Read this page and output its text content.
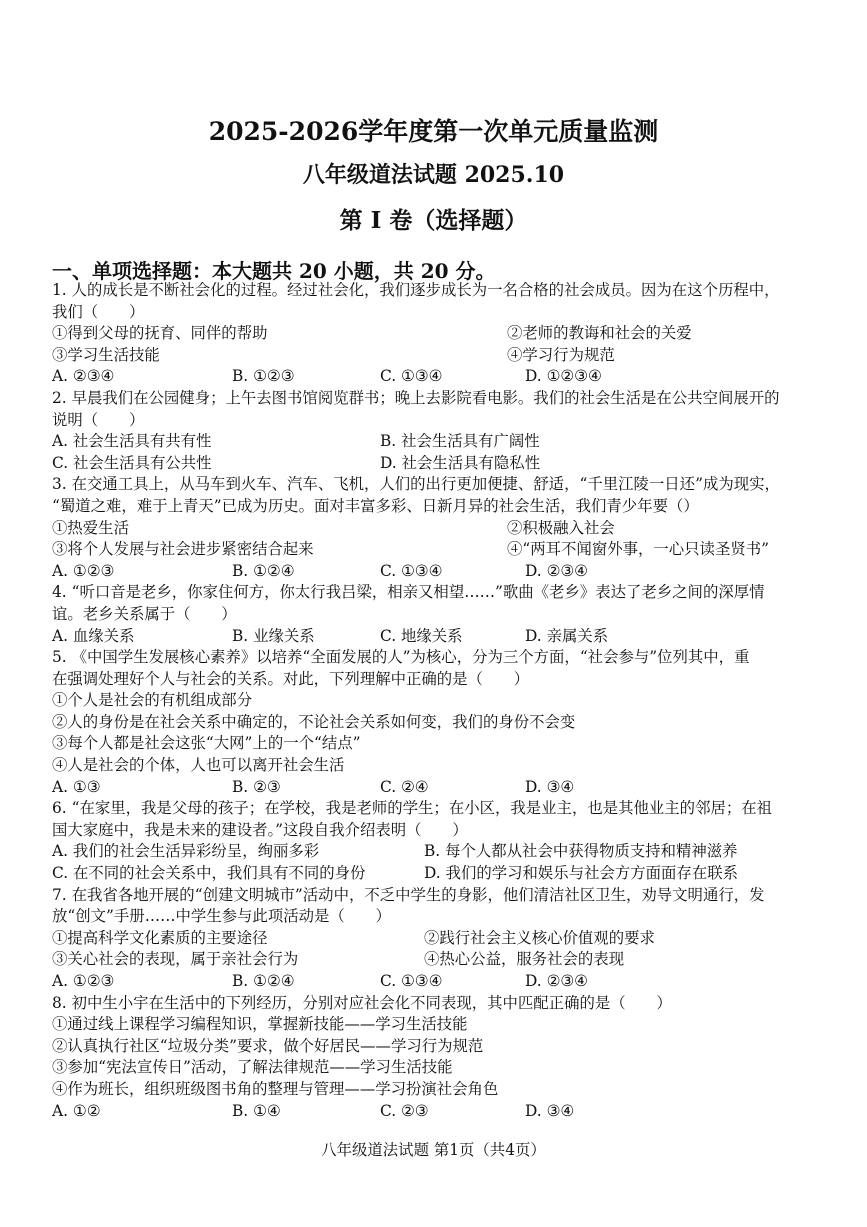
2025-2026学年度第一次单元质量监测
八年级道法试题 2025.10
第 I 卷（选择题）
一、单项选择题：本大题共 20 小题，共 20 分。
1. 人的成长是不断社会化的过程。经过社会化，我们逐步成长为一名合格的社会成员。因为在这个历程中，
我们（　　）
①得到父母的抚育、同伴的帮助	②老师的教诲和社会的关爱
③学习生活技能	④学习行为规范
A. ②③④	B. ①②③	C. ①③④	D. ①②③④
2. 早晨我们在公园健身；上午去图书馆阅览群书；晚上去影院看电影。我们的社会生活是在公共空间展开的
说明（　　）
A. 社会生活具有共有性	B. 社会生活具有广阔性
C. 社会生活具有公共性	D. 社会生活具有隐私性
3. 在交通工具上，从马车到火车、汽车、飞机，人们的出行更加便捷、舒适，“千里江陵一日还”成为现实，
“蜀道之难，难于上青天”已成为历史。面对丰富多彩、日新月异的社会生活，我们青少年要（）
①热爱生活	②积极融入社会
③将个人发展与社会进步紧密结合起来	④“两耳不闻窗外事，一心只读圣贤书”
A. ①②③	B. ①②④	C. ①③④	D. ②③④
4. “听口音是老乡，你家住何方，你太行我吕梁，相亲又相望……”歌曲《老乡》表达了老乡之间的深厚情
谊。老乡关系属于（　　）
A. 血缘关系	B. 业缘关系	C. 地缘关系	D. 亲属关系
5. 《中国学生发展核心素养》以培养“全面发展的人”为核心，分为三个方面，“社会参与”位列其中，重
在强调处理好个人与社会的关系。对此，下列理解中正确的是（　　）
①个人是社会的有机组成部分
②人的身份是在社会关系中确定的，不论社会关系如何变，我们的身份不会变
③每个人都是社会这张“大网”上的一个“结点”
④人是社会的个体，人也可以离开社会生活
A. ①③	B. ②③	C. ②④	D. ③④
6. “在家里，我是父母的孩子；在学校，我是老师的学生；在小区，我是业主，也是其他业主的邻居；在祖
国大家庭中，我是未来的建设者。”这段自我介绍表明（　　）
A. 我们的社会生活异彩纷呈，绚丽多彩	B. 每个人都从社会中获得物质支持和精神滋养
C. 在不同的社会关系中，我们具有不同的身份	D. 我们的学习和娱乐与社会方方面面存在联系
7. 在我省各地开展的“创建文明城市”活动中，不乏中学生的身影，他们清洁社区卫生，劝导文明通行，发
放“创文”手册……中学生参与此项活动是（　　）
①提高科学文化素质的主要途径	②践行社会主义核心价值观的要求
③关心社会的表现，属于亲社会行为	④热心公益，服务社会的表现
A. ①②③	B. ①②④	C. ①③④	D. ②③④
8. 初中生小宇在生活中的下列经历，分别对应社会化不同表现，其中匹配正确的是（　　）
①通过线上课程学习编程知识，掌握新技能——学习生活技能
②认真执行社区“垃圾分类”要求，做个好居民——学习行为规范
③参加“宪法宣传日”活动，了解法律规范——学习生活技能
④作为班长，组织班级图书角的整理与管理——学习扮演社会角色
A. ①②	B. ①④	C. ②③	D. ③④
八年级道法试题 第1页（共4页）
